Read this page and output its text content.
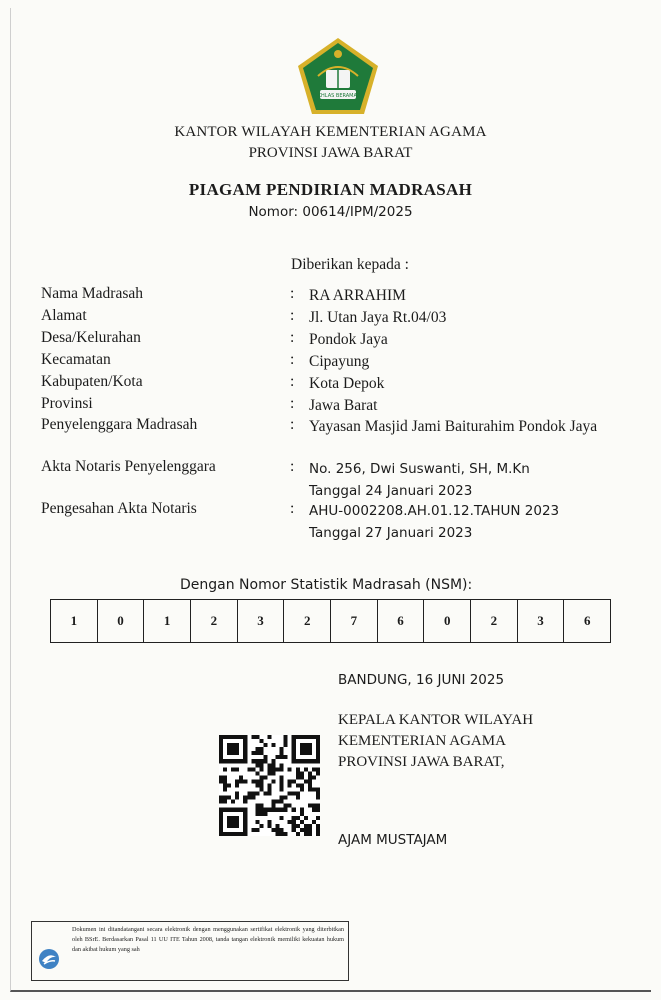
IKHLAS BERAMAL
KANTOR WILAYAH KEMENTERIAN AGAMA
PROVINSI JAWA BARAT
PIAGAM PENDIRIAN MADRASAH
Nomor: 00614/IPM/2025
Diberikan kepada :
Nama Madrasah	: RA ARRAHIM
Alamat	: Jl. Utan Jaya Rt.04/03
Desa/Kelurahan	: Pondok Jaya
Kecamatan	: Cipayung
Kabupaten/Kota	: Kota Depok
Provinsi	: Jawa Barat
Penyelenggara Madrasah	: Yayasan Masjid Jami Baiturahim Pondok Jaya
Akta Notaris Penyelenggara	: No. 256, Dwi Suswanti, SH, M.Kn
Tanggal 24 Januari 2023
Pengesahan Akta Notaris	: AHU-0002208.AH.01.12.TAHUN 2023
Tanggal 27 Januari 2023
Dengan Nomor Statistik Madrasah (NSM):
1	0	1	2	3	2	7	6	0	2	3	6
BANDUNG, 16 JUNI 2025
KEPALA KANTOR WILAYAH
KEMENTERIAN AGAMA
PROVINSI JAWA BARAT,
AJAM MUSTAJAM
Dokumen ini ditandatangani secara elektronik dengan menggunakan sertifikat elektronik yang diterbitkan oleh BSrE. Berdasarkan Pasal 11 UU ITE Tahun 2008, tanda tangan elektronik memiliki kekuatan hukum dan akibat hukum yang sah
